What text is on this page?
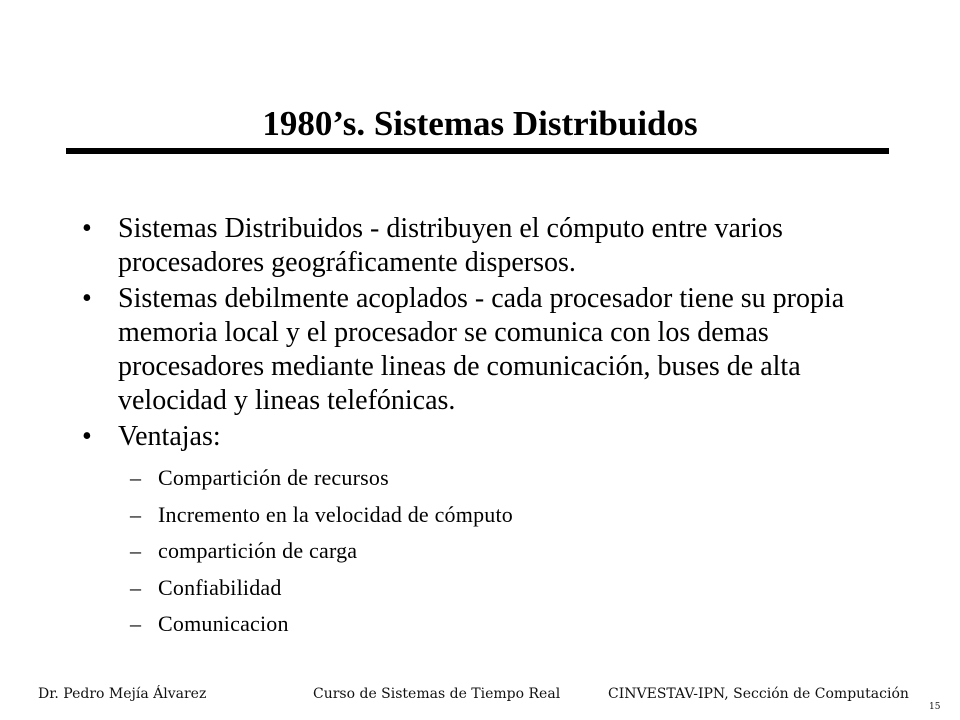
1980’s. Sistemas Distribuidos
• Sistemas Distribuidos - distribuyen el cómputo entre varios procesadores geográficamente dispersos.
• Sistemas debilmente acoplados - cada procesador tiene su propia memoria local y el procesador se comunica con los demas procesadores mediante lineas de comunicación, buses de alta velocidad y lineas telefónicas.
• Ventajas:
– Compartición de recursos
– Incremento en la velocidad de cómputo
– compartición de carga
– Confiabilidad
– Comunicacion
Dr. Pedro Mejía Álvarez	Curso de Sistemas de Tiempo Real	CINVESTAV-IPN, Sección de Computación
15
